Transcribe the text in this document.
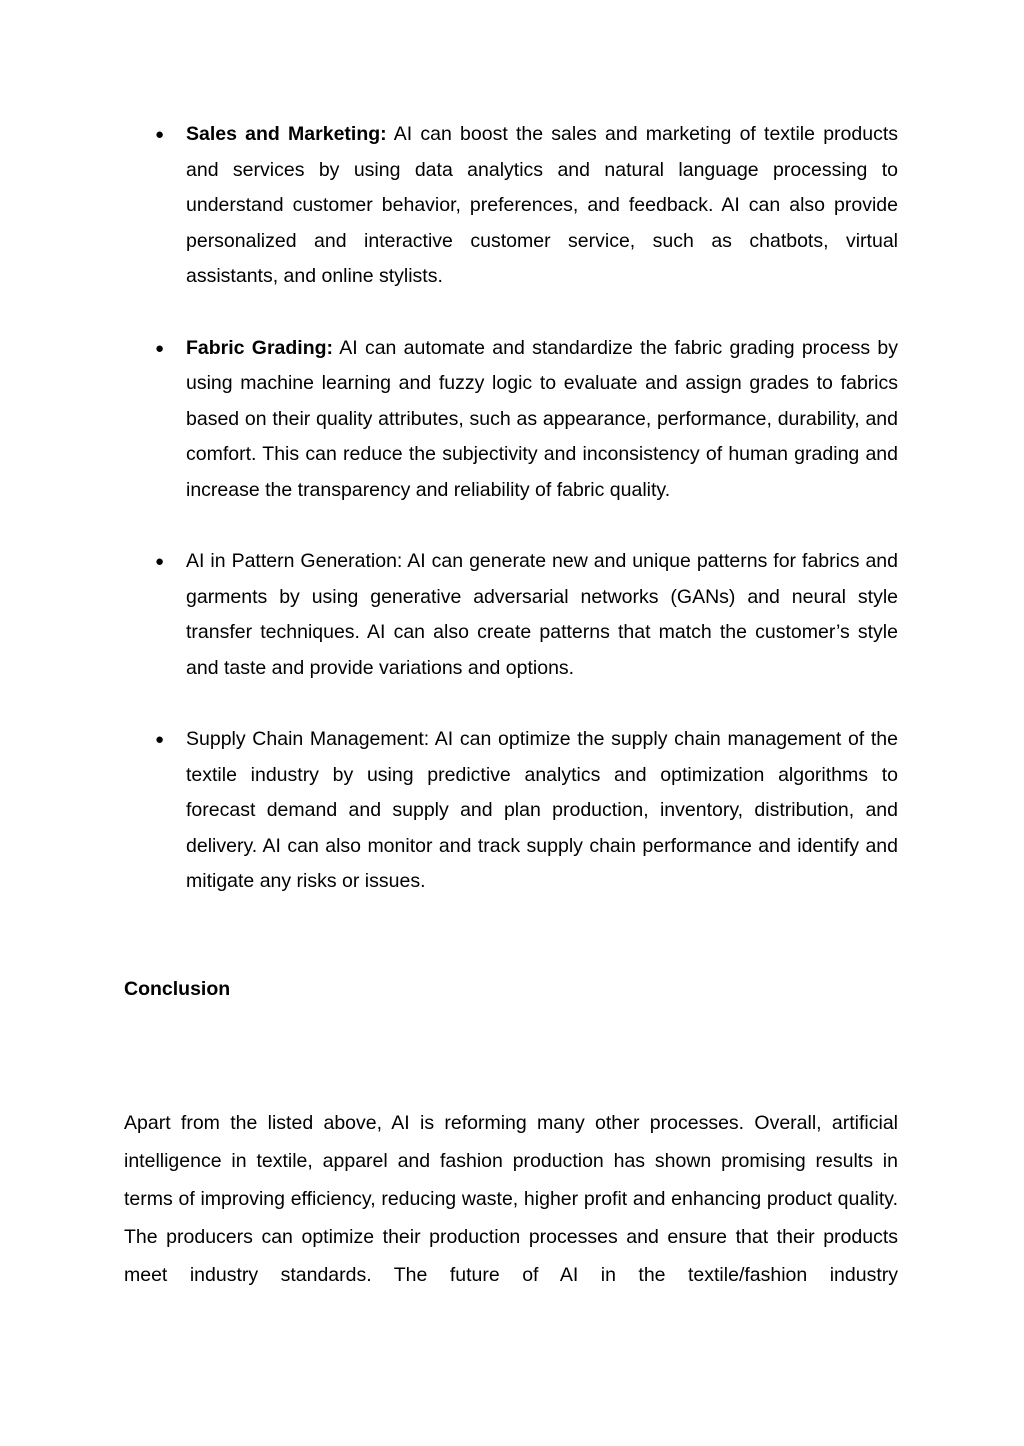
● Sales and Marketing: AI can boost the sales and marketing of textile products and services by using data analytics and natural language processing to understand customer behavior, preferences, and feedback. AI can also provide personalized and interactive customer service, such as chatbots, virtual assistants, and online stylists.
● Fabric Grading: AI can automate and standardize the fabric grading process by using machine learning and fuzzy logic to evaluate and assign grades to fabrics based on their quality attributes, such as appearance, performance, durability, and comfort. This can reduce the subjectivity and inconsistency of human grading and increase the transparency and reliability of fabric quality.
● AI in Pattern Generation: AI can generate new and unique patterns for fabrics and garments by using generative adversarial networks (GANs) and neural style transfer techniques. AI can also create patterns that match the customer’s style and taste and provide variations and options.
● Supply Chain Management: AI can optimize the supply chain management of the textile industry by using predictive analytics and optimization algorithms to forecast demand and supply and plan production, inventory, distribution, and delivery. AI can also monitor and track supply chain performance and identify and mitigate any risks or issues.
Conclusion

Apart from the listed above, AI is reforming many other processes. Overall, artificial intelligence in textile, apparel and fashion production has shown promising results in terms of improving efficiency, reducing waste, higher profit and enhancing product quality. The producers can optimize their production processes and ensure that their products meet industry standards. The future of AI in the textile/fashion industry
